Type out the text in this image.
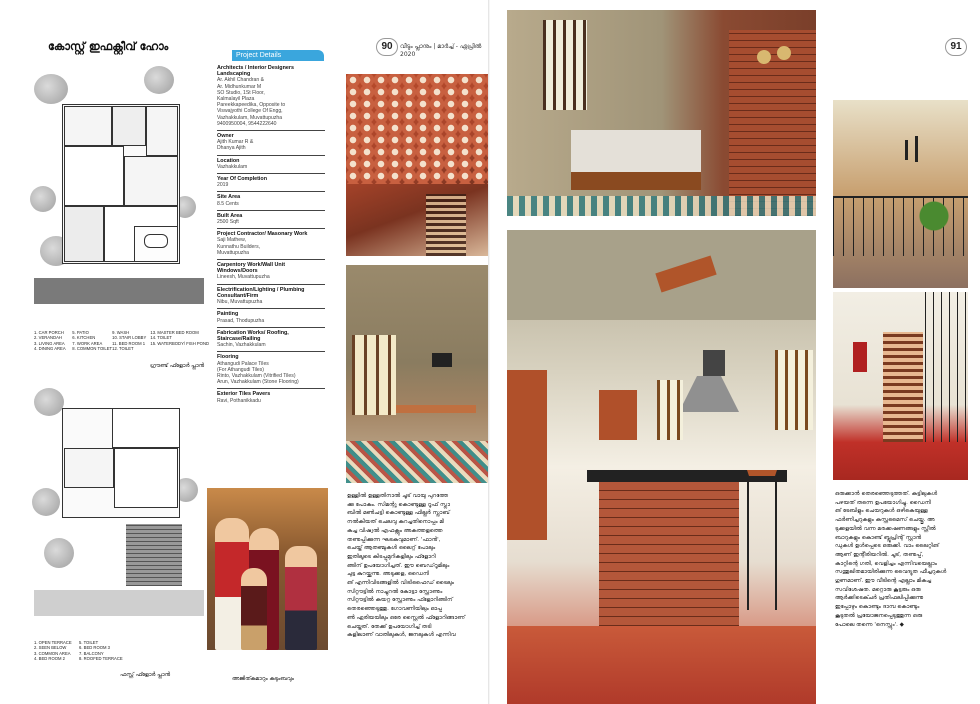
കോസ്റ്റ് ഇഫക്റ്റീവ് ഹോം
1. CAR PORCH	5. PATIO	9. WASH	13. MASTER BED ROOM
2. VERANDAH	6. KITCHEN	10. STAIR LOBBY 14. TOILET
3. LIVING AREA	7. WORK AREA	11. BED ROOM 1	15. WATERBODY/ FISH POND
4. DINING AREA	8. COMMON TOILET 12. TOILET
ഗ്രൗണ്ട് ഫ്ളോർ പ്ലാൻ
1. OPEN TERRACE	5. TOILET
2. SEEN BELOW	6. BED ROOM 3
3. COMMON AREA	7. BALCONY
4. BED ROOM 2	8. ROOFED TERRACE
ഫസ്റ്റ് ഫ്ളോർ പ്ലാൻ
Project Details
Architects / Interior Designers Landscaping
Ar. Akhil Chandran &
Ar. Midhunkumar M
SO Studio, 1St Floor,
Kalmalayil Plaza
Pareekkapeedika, Opposite to
Viswajyothi College Of Engg,
Vazhakkulam, Muvattupuzha
9400950004, 9544222640
Owner
Ajith Kumar R &
Dhanya Ajith
Location
Vazhakkulam
Year Of Completion
2019
Site Area
8.5 Cents
Built Area
2500 Sqft
Project Contractor/ Masonary Work
Saji Mathew,
Kunnathu Builders,
Muvattupuzha
Carpentory Work/Wall Unit Windows/Doors
Lineesh, Muvattupuzha
Electrification/Lighting / Plumbing Consultant/Firm
Nibu, Muvattupuzha
Painting
Prasad, Thodupuzha
Fabrication Works/ Roofing, Staircase/Railing
Sachin, Vazhakkulam
Flooring
Athangudi Palace Tiles
(For Athangudi Tiles)
Rinto, Vazhakkulam (Vitrified Tiles)
Arun, Vazhakkulam (Stone Flooring)
Exterior Tiles Pavers
Ravi, Pothanikkadu
അജിത്കുമാറും കുടുംബവും

ഉള്ളിൽ ഉള്ളതിനാൽ ചൂട് വായു പുറത്തേ

ക്കു പോകും. സിമന്റു കൊണ്ടുള്ള റൂഫ് സ്ലാ

ബിൽ മൺചട്ടി കൊണ്ടുള്ള ഫില്ലർ സ്ലാബ്

നൽകിയത് ചെലവു കുറച്ചതിനൊപ്പം മി

കച്ച വിഷ്വൽ എഫക്റ്റും അകത്തളത്തെ

തണുപ്പിക്കുന്ന ഘടകവുമാണ്. 'ഫാൻ',

ചെയ്ത് ആതഞ്ചുകൾ ലൈറ്റ് പോലും

ഇതിലൂടെ കിടപ്പുമുറികളിലും ഫ്ളോറി

ങ്ങിന് ഉപയോഗിച്ചത്. ഈ ബെഡ്‌റൂമിലും

ചുട്ട കുറയ്ക്കുന്നു. അടുക്കള, ഡൈനി

ങ് എന്നിവിടങ്ങളിൽ വിട്രിഫൈഡ് ടൈലും

സിറ്റൗട്ടിൽ നാച്ചുറൽ കോട്ടാ സ്റ്റോണും

സിറ്റൗട്ടിൽ കയറ്റ സ്റ്റോണും ഫ്ളോറിങ്ങിന്

തെരഞ്ഞെടുത്തു. ഗോവണിയിലും ഓപ്പ

ൺ ഏരിയയിലും ഒരേ സ്റ്റൈൽ ഫ്ളോറിങ്ങാണ്

ചെയ്തത്. തേക്ക് ഉപയോഗിച്ച് തടി

കളിലാണ് വാതിലുകൾ, ജനലുകൾ എന്നിവ

90	വീടും പ്ലാനും | മാർച്ച് - ഏപ്രിൽ 2020

ഒരുക്കാൻ തെരഞ്ഞെടുത്തത്. കട്ടിലുകൾ

പഴയത് തന്നെ ഉപയോഗിച്ചു. ഡൈനി

ങ് ടേബിളും ചെയറുകൾ ഒഴികെയുള്ള

ഫർണിച്ചറുകളും കസ്റ്റമൈസ് ചെയ്തു. അ

ടുക്കളയിൽ വന്ന മരക്കഷണങ്ങളും സ്റ്റീൽ

ബാറുകളും കൊണ്ട് ബ്ലൂപ്രിന്റ് സ്റ്റാൻ

ഡുകൾ ഉൾപ്പെടെ ഒരുക്കി. വാം ലൈറ്റിങ്

ആണ് ഇന്റീരിയറിൽ. ചൂട്, തണുപ്പ്,

കാറ്റിന്റെ ഗതി, വെളിച്ചം എന്നിവയെല്ലാം

സന്തുലിതമായിരിക്കുന്ന വൈദ്യുത ഫീച്ചറുകൾ

ഗുണമാണ്. ഈ വീടിന്റെ എല്ലാം മികച്ച

സവിശേഷത. മറ്റൊരു കൂട്ടരും ഒരു

ആർക്കിടെക്ചർ പ്രതിഫലിപ്പിക്കുന്നു

ഇപ്പോഴും കൊണ്ടും ദാമ്പ കൊണ്ടും

കൂടുതൽ പ്രയോജനപ്പെടുത്തുന്ന ഒരു

പോലെ തന്നെ 'നെസ്റ്റും'. ◆

91
